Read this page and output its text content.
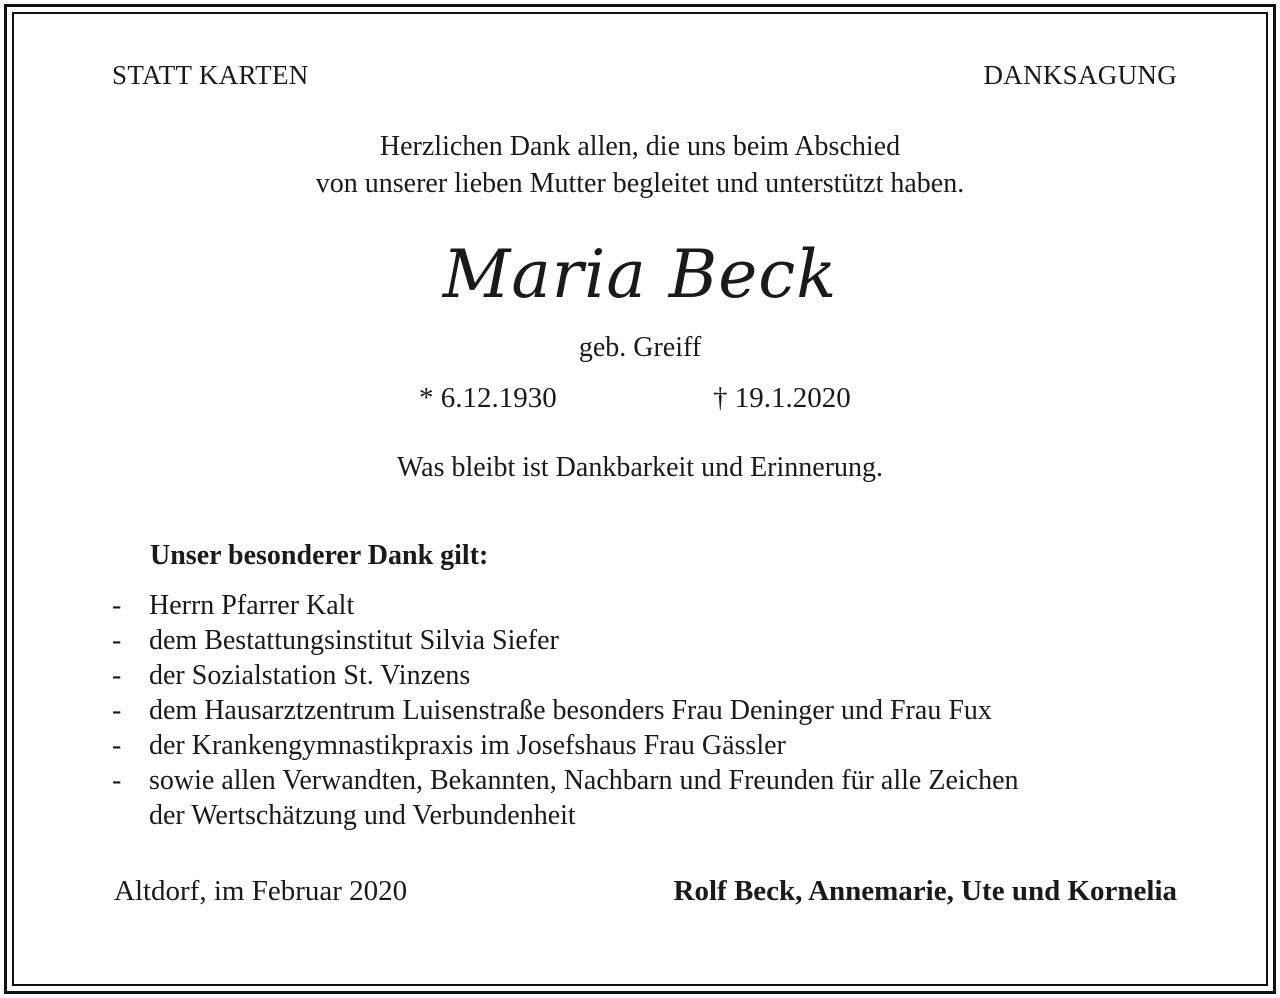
STATT KARTEN	DANKSAGUNG
Herzlichen Dank allen, die uns beim Abschied
von unserer lieben Mutter begleitet und unterstützt haben.
Maria Beck
geb. Greiff
* 6.12.1930	† 19.1.2020
Was bleibt ist Dankbarkeit und Erinnerung.
Unser besonderer Dank gilt:
- Herrn Pfarrer Kalt
- dem Bestattungsinstitut Silvia Siefer
- der Sozialstation St. Vinzens
- dem Hausarztzentrum Luisenstraße besonders Frau Deninger und Frau Fux
- der Krankengymnastikpraxis im Josefshaus Frau Gässler
- sowie allen Verwandten, Bekannten, Nachbarn und Freunden für alle Zeichen
der Wertschätzung und Verbundenheit
Altdorf, im Februar 2020	Rolf Beck, Annemarie, Ute und Kornelia
